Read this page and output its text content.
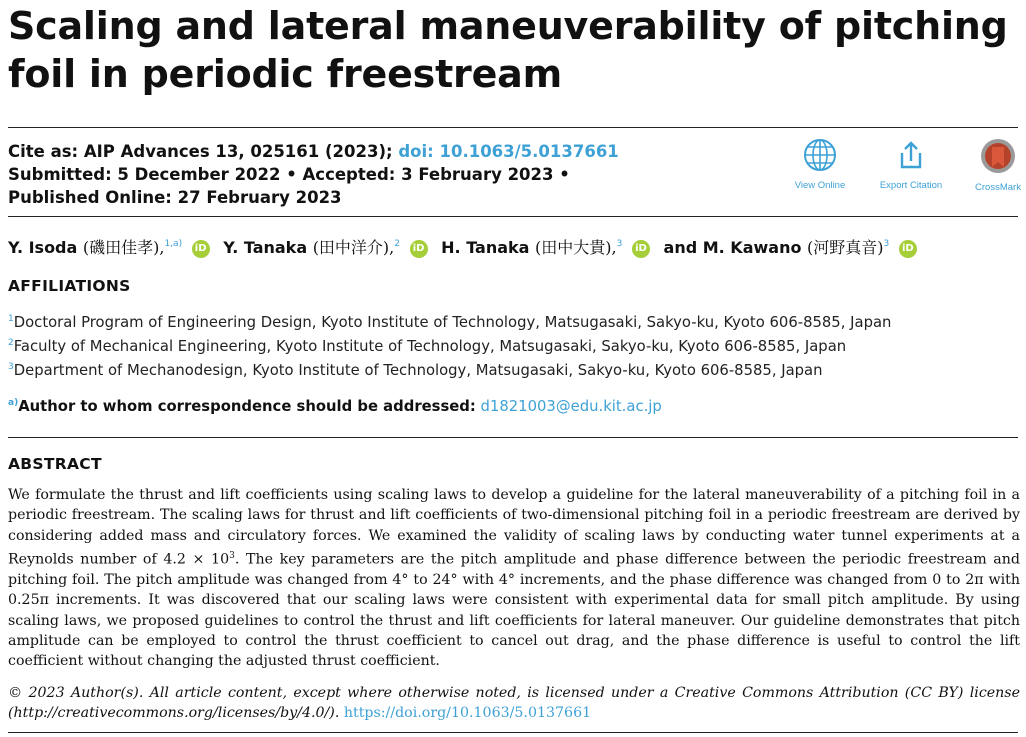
Scaling and lateral maneuverability of pitching foil in periodic freestream
Cite as: AIP Advances 13, 025161 (2023); doi: 10.1063/5.0137661
Submitted: 5 December 2022 • Accepted: 3 February 2023 •
Published Online: 27 February 2023
View Online	Export Citation	CrossMark
Y. Isoda (磯田佳孝),$^{1,a)}$ iD Y. Tanaka (田中洋介),$^2$ iD H. Tanaka (田中大貴),$^3$ iD and M. Kawano (河野真音)$^3$ iD
AFFILIATIONS
$^1$Doctoral Program of Engineering Design, Kyoto Institute of Technology, Matsugasaki, Sakyo-ku, Kyoto 606-8585, Japan
$^2$Faculty of Mechanical Engineering, Kyoto Institute of Technology, Matsugasaki, Sakyo-ku, Kyoto 606-8585, Japan
$^3$Department of Mechanodesign, Kyoto Institute of Technology, Matsugasaki, Sakyo-ku, Kyoto 606-8585, Japan
$^{a)}$Author to whom correspondence should be addressed: d1821003@edu.kit.ac.jp
ABSTRACT
We formulate the thrust and lift coefficients using scaling laws to develop a guideline for the lateral maneuverability of a pitching foil in a periodic freestream. The scaling laws for thrust and lift coefficients of two-dimensional pitching foil in a periodic freestream are derived by considering added mass and circulatory forces. We examined the validity of scaling laws by conducting water tunnel experiments at a Reynolds number of $4.2 \times 10^3$. The key parameters are the pitch amplitude and phase difference between the periodic freestream and pitching foil. The pitch amplitude was changed from 4° to 24° with 4° increments, and the phase difference was changed from 0 to 2π with 0.25π increments. It was discovered that our scaling laws were consistent with experimental data for small pitch amplitude. By using scaling laws, we proposed guidelines to control the thrust and lift coefficients for lateral maneuver. Our guideline demonstrates that pitch amplitude can be employed to control the thrust coefficient to cancel out drag, and the phase difference is useful to control the lift coefficient without changing the adjusted thrust coefficient.
© 2023 Author(s). All article content, except where otherwise noted, is licensed under a Creative Commons Attribution (CC BY) license (http://creativecommons.org/licenses/by/4.0/). https://doi.org/10.1063/5.0137661
